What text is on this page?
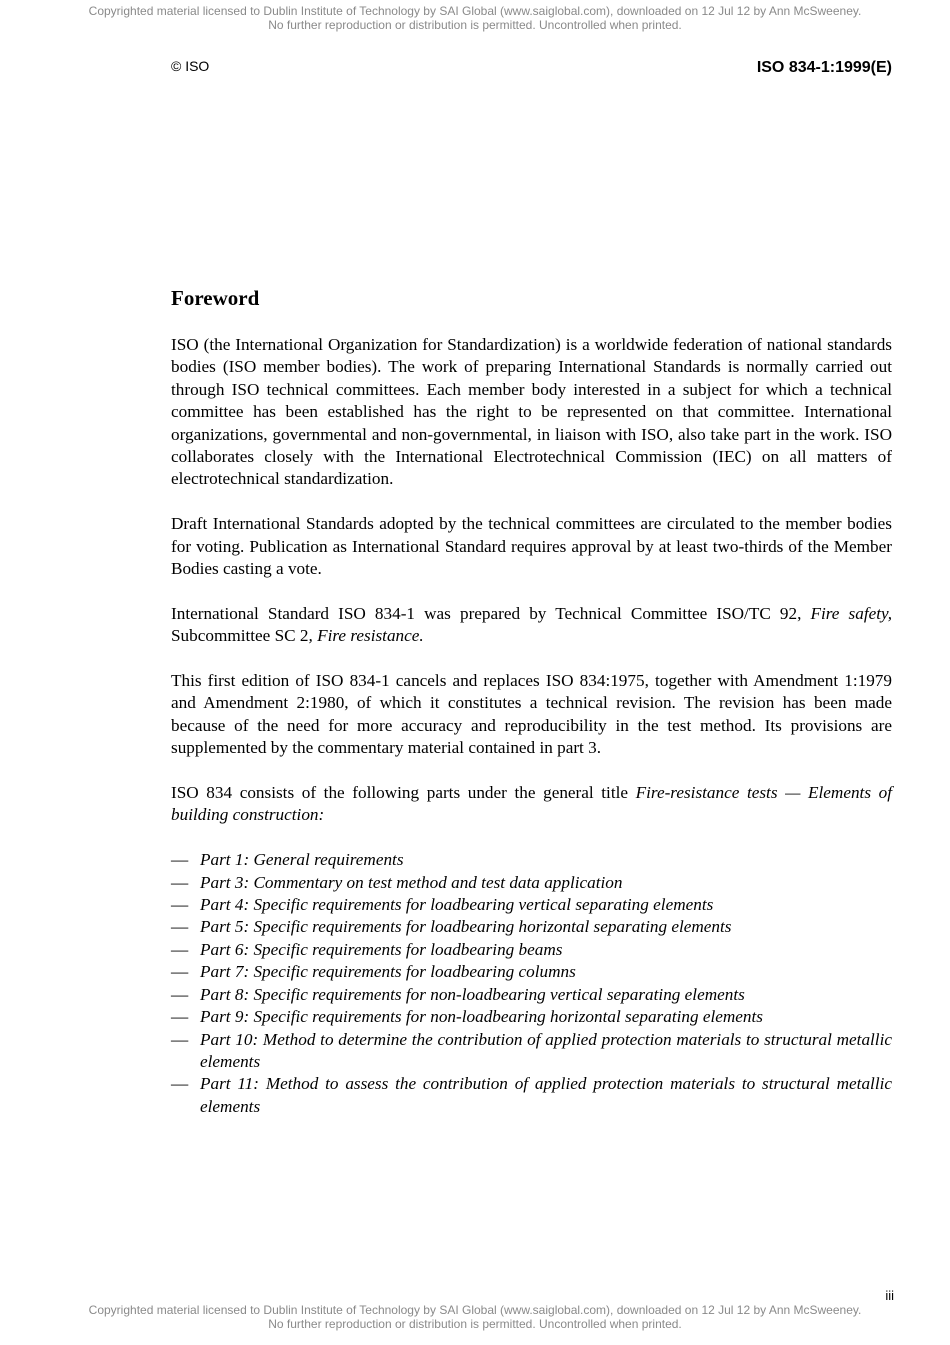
Copyrighted material licensed to Dublin Institute of Technology by SAI Global (www.saiglobal.com), downloaded on 12 Jul 12 by Ann McSweeney.
No further reproduction or distribution is permitted. Uncontrolled when printed.
© ISO	ISO 834-1:1999(E)
Foreword

ISO (the International Organization for Standardization) is a worldwide federation of national standards bodies (ISO member bodies). The work of preparing International Standards is normally carried out through ISO technical committees. Each member body interested in a subject for which a technical committee has been established has the right to be represented on that committee. International organizations, governmental and non-governmental, in liaison with ISO, also take part in the work. ISO collaborates closely with the International Electrotechnical Commission (IEC) on all matters of electrotechnical standardization.

Draft International Standards adopted by the technical committees are circulated to the member bodies for voting. Publication as International Standard requires approval by at least two-thirds of the Member Bodies casting a vote.

International Standard ISO 834-1 was prepared by Technical Committee ISO/TC 92, Fire safety, Subcommittee SC 2, Fire resistance.

This first edition of ISO 834-1 cancels and replaces ISO 834:1975, together with Amendment 1:1979 and Amendment 2:1980, of which it constitutes a technical revision. The revision has been made because of the need for more accuracy and reproducibility in the test method. Its provisions are supplemented by the commentary material contained in part 3.

ISO 834 consists of the following parts under the general title Fire-resistance tests — Elements of building construction:

— Part 1: General requirements
— Part 3: Commentary on test method and test data application
— Part 4: Specific requirements for loadbearing vertical separating elements
— Part 5: Specific requirements for loadbearing horizontal separating elements
— Part 6: Specific requirements for loadbearing beams
— Part 7: Specific requirements for loadbearing columns
— Part 8: Specific requirements for non-loadbearing vertical separating elements
— Part 9: Specific requirements for non-loadbearing horizontal separating elements
— Part 10: Method to determine the contribution of applied protection materials to structural metallic elements
— Part 11: Method to assess the contribution of applied protection materials to structural metallic elements
iii
Copyrighted material licensed to Dublin Institute of Technology by SAI Global (www.saiglobal.com), downloaded on 12 Jul 12 by Ann McSweeney.
No further reproduction or distribution is permitted. Uncontrolled when printed.
